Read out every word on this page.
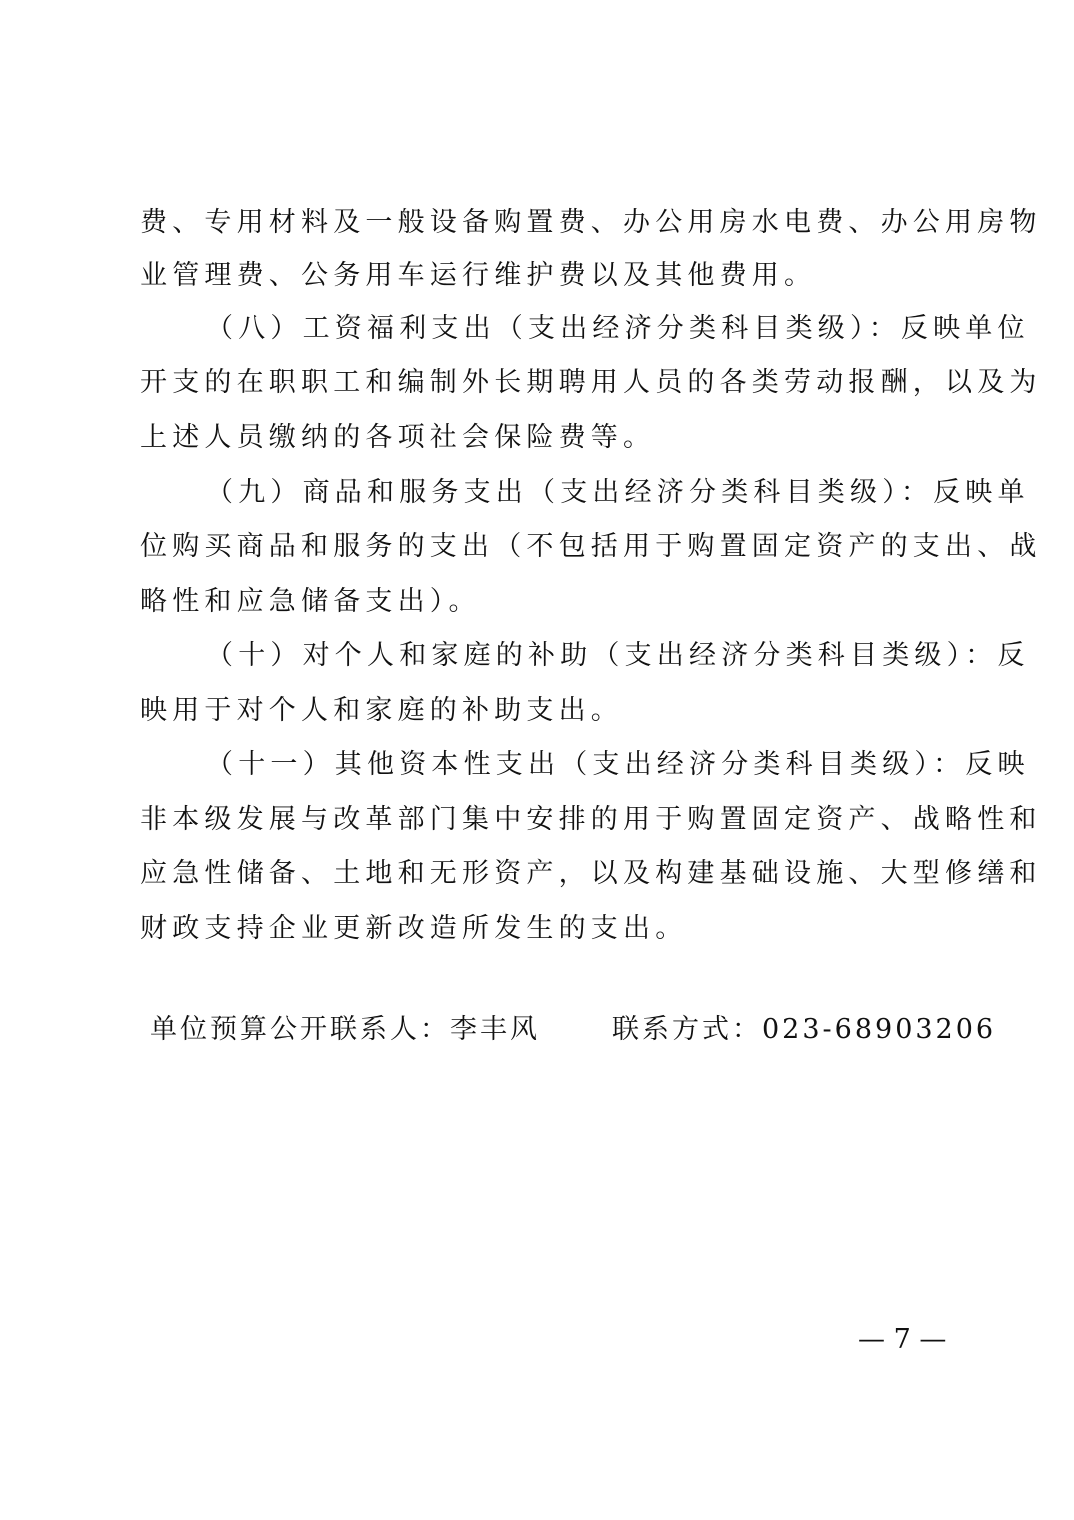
费、专用材料及一般设备购置费、办公用房水电费、办公用房物
业管理费、公务用车运行维护费以及其他费用。
（八）工资福利支出（支出经济分类科目类级）：反映单位
开支的在职职工和编制外长期聘用人员的各类劳动报酬，以及为
上述人员缴纳的各项社会保险费等。
（九）商品和服务支出（支出经济分类科目类级）：反映单
位购买商品和服务的支出（不包括用于购置固定资产的支出、战
略性和应急储备支出）。
（十）对个人和家庭的补助（支出经济分类科目类级）：反
映用于对个人和家庭的补助支出。
（十一）其他资本性支出（支出经济分类科目类级）：反映
非本级发展与改革部门集中安排的用于购置固定资产、战略性和
应急性储备、土地和无形资产，以及构建基础设施、大型修缮和
财政支持企业更新改造所发生的支出。
单位预算公开联系人：李丰风	联系方式：023-68903206
— 7 —
